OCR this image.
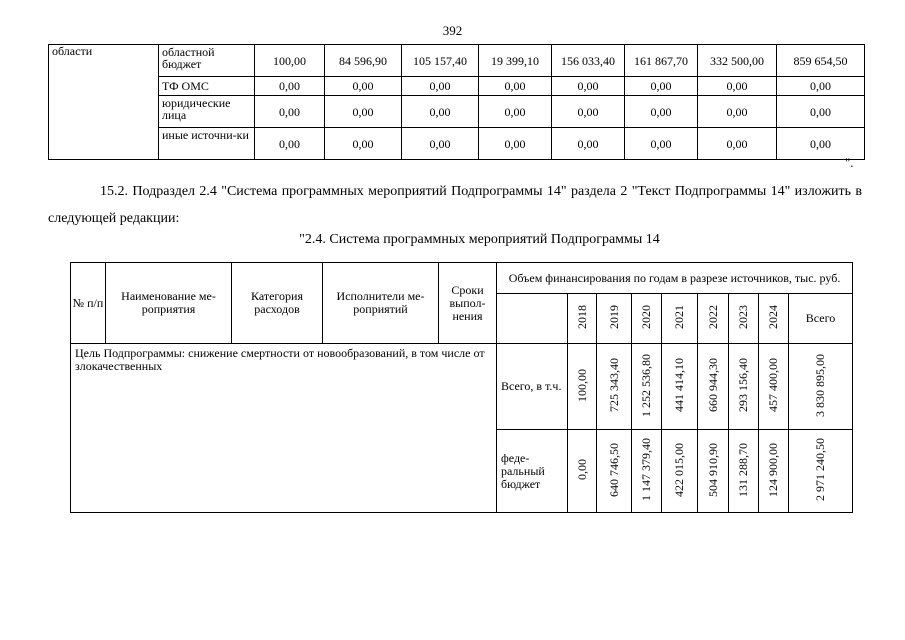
392
области	областной бюджет	100,00	84 596,90	105 157,40	19 399,10	156 033,40	161 867,70	332 500,00	859 654,50
	ТФ ОМС	0,00	0,00	0,00	0,00	0,00	0,00	0,00	0,00
	юридические лица	0,00	0,00	0,00	0,00	0,00	0,00	0,00	0,00
	иные источни-ки	0,00	0,00	0,00	0,00	0,00	0,00	0,00	0,00
".
15.2. Подраздел 2.4 "Система программных мероприятий Подпрограммы 14" раздела 2 "Текст Подпрограммы 14" изложить в следующей редакции:
"2.4. Система программных мероприятий Подпрограммы 14
№ п/п	Наименование ме-роприятия	Категория расходов	Исполнители ме-роприятий	Сроки выпол-нения	Объем финансирования по годам в разрезе источников, тыс. руб.								
						2018	2019	2020	2021	2022	2023	2024	Всего
Цель Подпрограммы: снижение смертности от новообразований, в том числе от злокачественных					Всего, в т.ч.	100,00	725 343,40	1 252 536,80	441 414,10	660 944,30	293 156,40	457 400,00	3 830 895,00
					феде-ральный бюджет	0,00	640 746,50	1 147 379,40	422 015,00	504 910,90	131 288,70	124 900,00	2 971 240,50
